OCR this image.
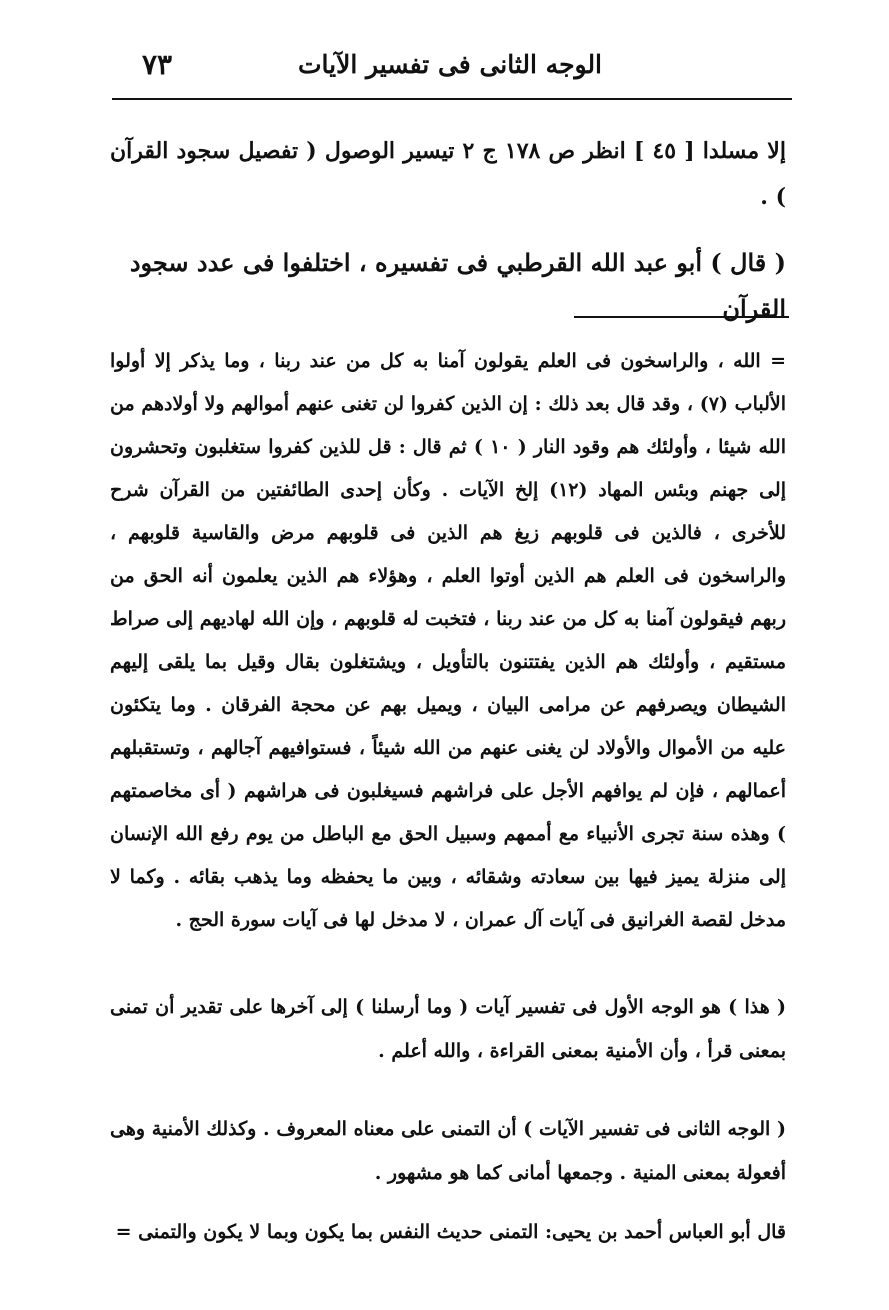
٧٣	الوجه الثانى فى تفسير الآيات
إلا مسلدا [ ٤٥ ] انظر ص ١٧٨ ج ٢ تيسير الوصول ( تفصيل سجود القرآن ) .
( قال ) أبو عبد الله القرطبي فى تفسيره ، اختلفوا فى عدد سجود القرآن

= الله ، والراسخون فى العلم يقولون آمنا به كل من عند ربنا ، وما يذكر إلا أولوا الألباب (٧) ، وقد قال بعد ذلك : إن الذين كفروا لن تغنى عنهم أموالهم ولا أولادهم من الله شيئا ، وأولئك هم وقود النار ( ١٠ ) ثم قال : قل للذين كفروا ستغلبون وتحشرون إلى جهنم وبئس المهاد (١٢) إلخ الآيات . وكأن إحدى الطائفتين من القرآن شرح للأخرى ، فالذين فى قلوبهم زيغ هم الذين فى قلوبهم مرض والقاسية قلوبهم ، والراسخون فى العلم هم الذين أوتوا العلم ، وهؤلاء هم الذين يعلمون أنه الحق من ربهم فيقولون آمنا به كل من عند ربنا ، فتخبت له قلوبهم ، وإن الله لهاديهم إلى صراط مستقيم ، وأولئك هم الذين يفتتنون بالتأويل ، ويشتغلون بقال وقيل بما يلقى إليهم الشيطان ويصرفهم عن مرامى البيان ، ويميل بهم عن محجة الفرقان . وما يتكئون عليه من الأموال والأولاد لن يغنى عنهم من الله شيئاً ، فستوافيهم آجالهم ، وتستقبلهم أعمالهم ، فإن لم يوافهم الأجل على فراشهم فسيغلبون فى هراشهم ( أى مخاصمتهم ) وهذه سنة تجرى الأنبياء مع أممهم وسبيل الحق مع الباطل من يوم رفع الله الإنسان إلى منزلة يميز فيها بين سعادته وشقائه ، وبين ما يحفظه وما يذهب بقائه . وكما لا مدخل لقصة الغرانيق فى آيات آل عمران ، لا مدخل لها فى آيات سورة الحج .

( هذا ) هو الوجه الأول فى تفسير آيات ( وما أرسلنا ) إلى آخرها على تقدير أن تمنى بمعنى قرأ ، وأن الأمنية بمعنى القراءة ، والله أعلم .
( الوجه الثانى فى تفسير الآيات ) أن التمنى على معناه المعروف . وكذلك الأمنية وهى أفعولة بمعنى المنية . وجمعها أمانى كما هو مشهور .
قال أبو العباس أحمد بن يحيى: التمنى حديث النفس بما يكون وبما لا يكون والتمنى =
